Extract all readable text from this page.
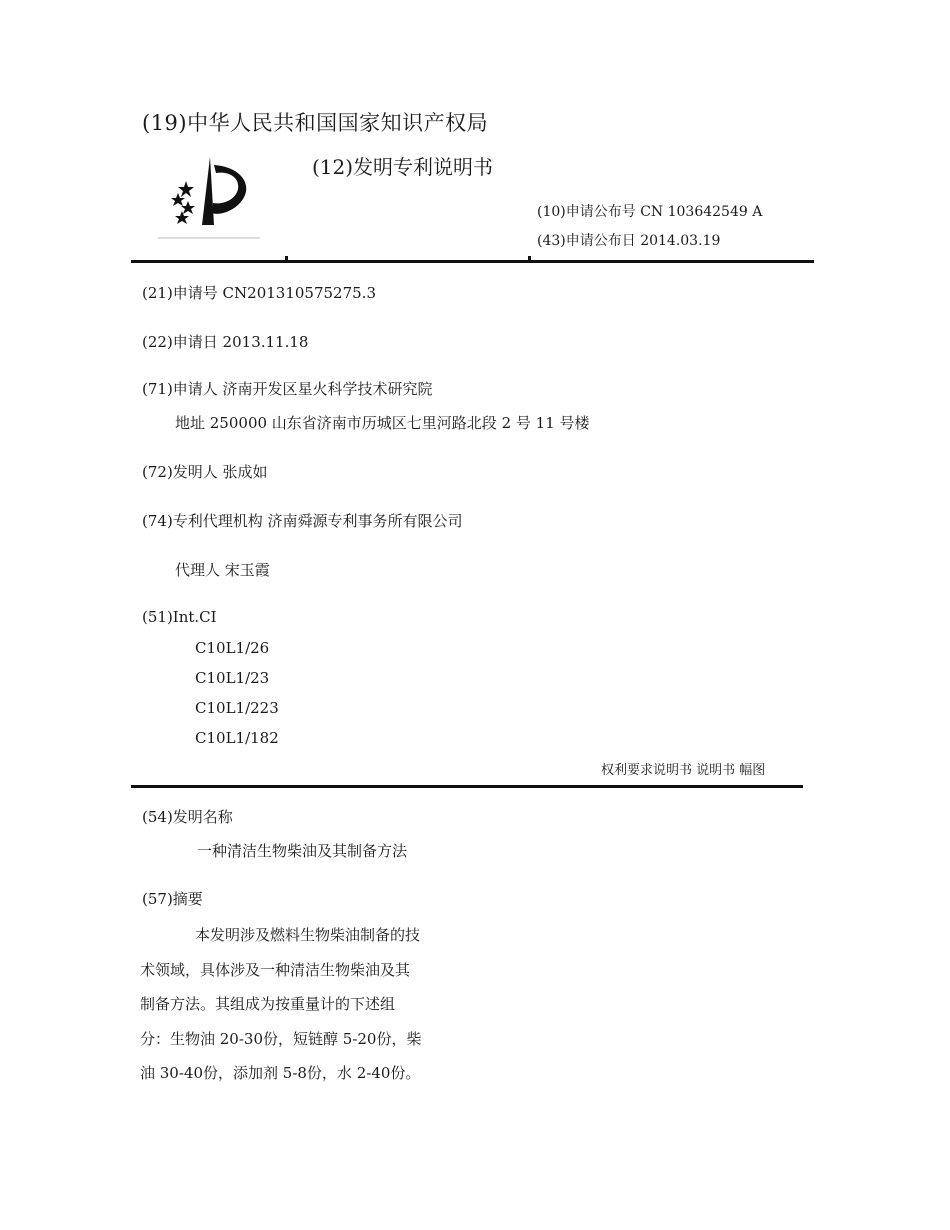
(19)中华人民共和国国家知识产权局
(12)发明专利说明书
(10)申请公布号 CN 103642549 A
(43)申请公布日 2014.03.19
(21)申请号 CN201310575275.3
(22)申请日 2013.11.18
(71)申请人 济南开发区星火科学技术研究院
地址 250000 山东省济南市历城区七里河路北段 2 号 11 号楼
(72)发明人 张成如
(74)专利代理机构 济南舜源专利事务所有限公司
代理人 宋玉霞
(51)Int.CI
C10L1/26
C10L1/23
C10L1/223
C10L1/182
权利要求说明书 说明书 幅图
(54)发明名称
一种清洁生物柴油及其制备方法
(57)摘要
本发明涉及燃料生物柴油制备的技
术领域，具体涉及一种清洁生物柴油及其
制备方法。其组成为按重量计的下述组
分：生物油 20-30份，短链醇 5-20份，柴
油 30-40份，添加剂 5-8份，水 2-40份。
